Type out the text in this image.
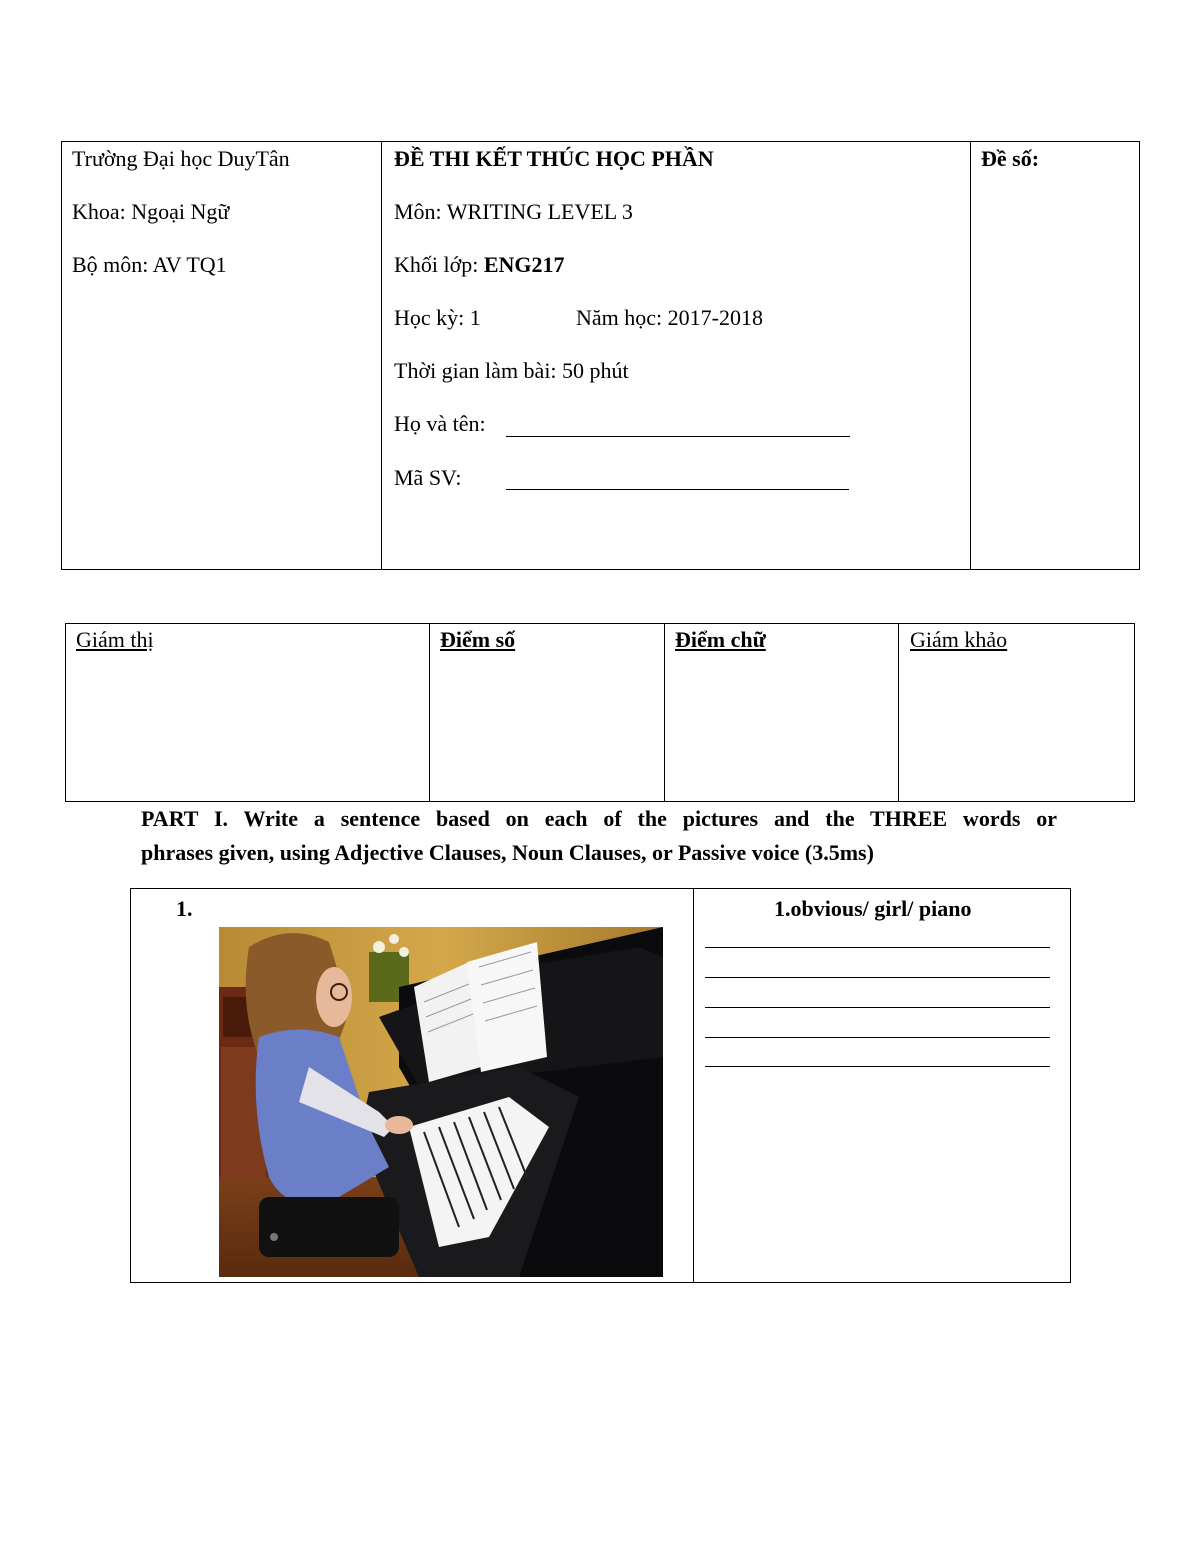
Trường Đại học DuyTân
Khoa: Ngoại Ngữ
Bộ môn: AV TQ1
ĐỀ THI KẾT THÚC HỌC PHẦN
Môn: WRITING LEVEL 3
Khối lớp: ENG217
Học kỳ: 1	Năm học: 2017-2018
Thời gian làm bài: 50 phút
Họ và tên:
Mã SV:
Đề số:
Giám thị	Điểm số	Điểm chữ	Giám khảo
PART I. Write a sentence based on each of the pictures and the THREE words or
phrases given, using Adjective Clauses, Noun Clauses, or Passive voice (3.5ms)
1.	1.obvious/ girl/ piano
